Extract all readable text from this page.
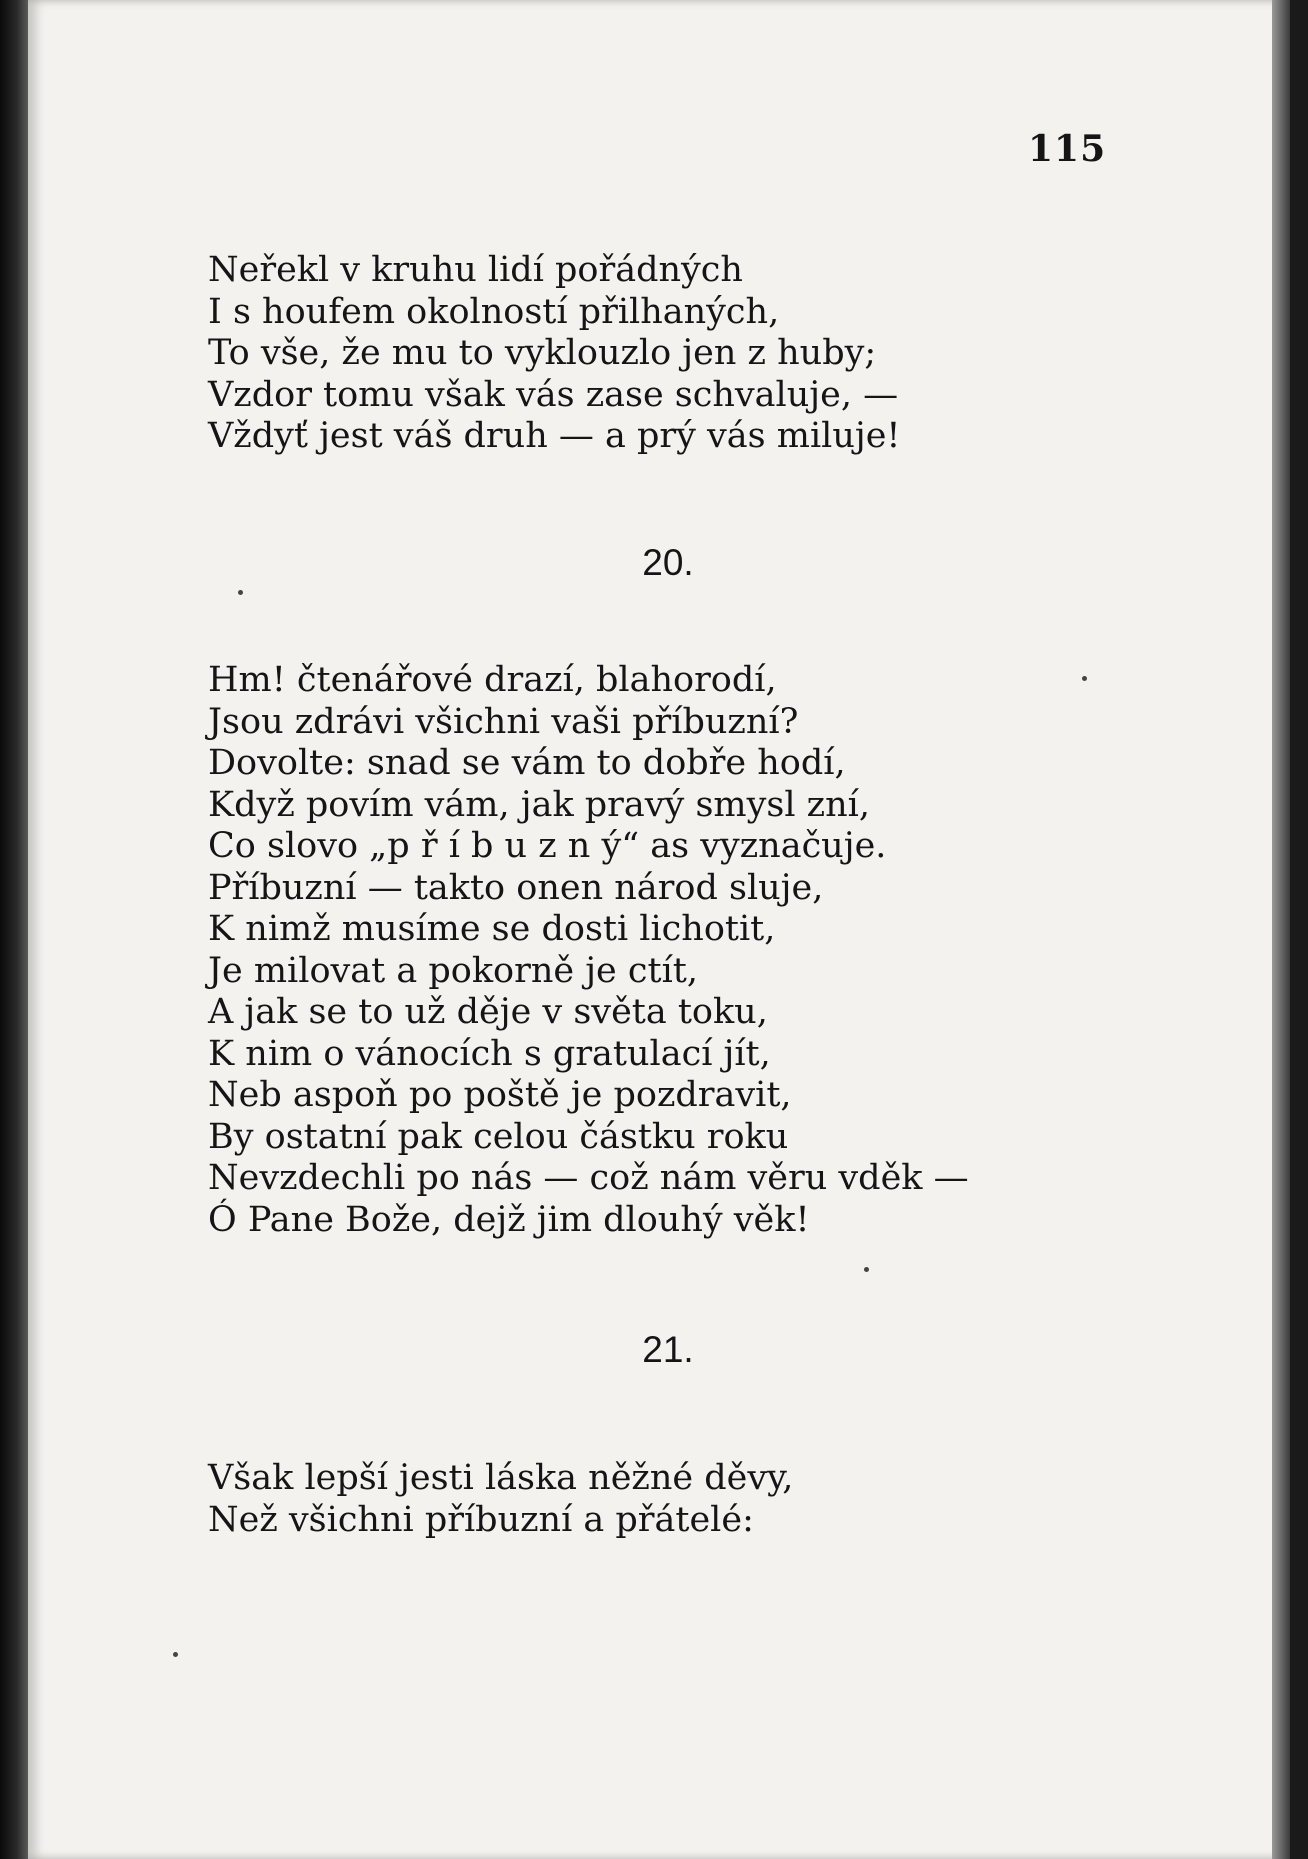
115
Neřekl v kruhu lidí pořádných
I s houfem okolností přilhaných,
To vše, že mu to vyklouzlo jen z huby;
Vzdor tomu však vás zase schvaluje, —
Vždyť jest váš druh — a prý vás miluje!
20.
Hm! čtenářové drazí, blahorodí,
Jsou zdrávi všichni vaši příbuzní?
Dovolte: snad se vám to dobře hodí,
Když povím vám, jak pravý smysl zní,
Co slovo „p ř í b u z n ý“ as vyznačuje.
Příbuzní — takto onen národ sluje,
K nimž musíme se dosti lichotit,
Je milovat a pokorně je ctít,
A jak se to už děje v světa toku,
K nim o vánocích s gratulací jít,
Neb aspoň po poště je pozdravit,
By ostatní pak celou částku roku
Nevzdechli po nás — což nám věru vděk —
Ó Pane Bože, dejž jim dlouhý věk!
21.
Však lepší jesti láska něžné děvy,
Než všichni příbuzní a přátelé:
